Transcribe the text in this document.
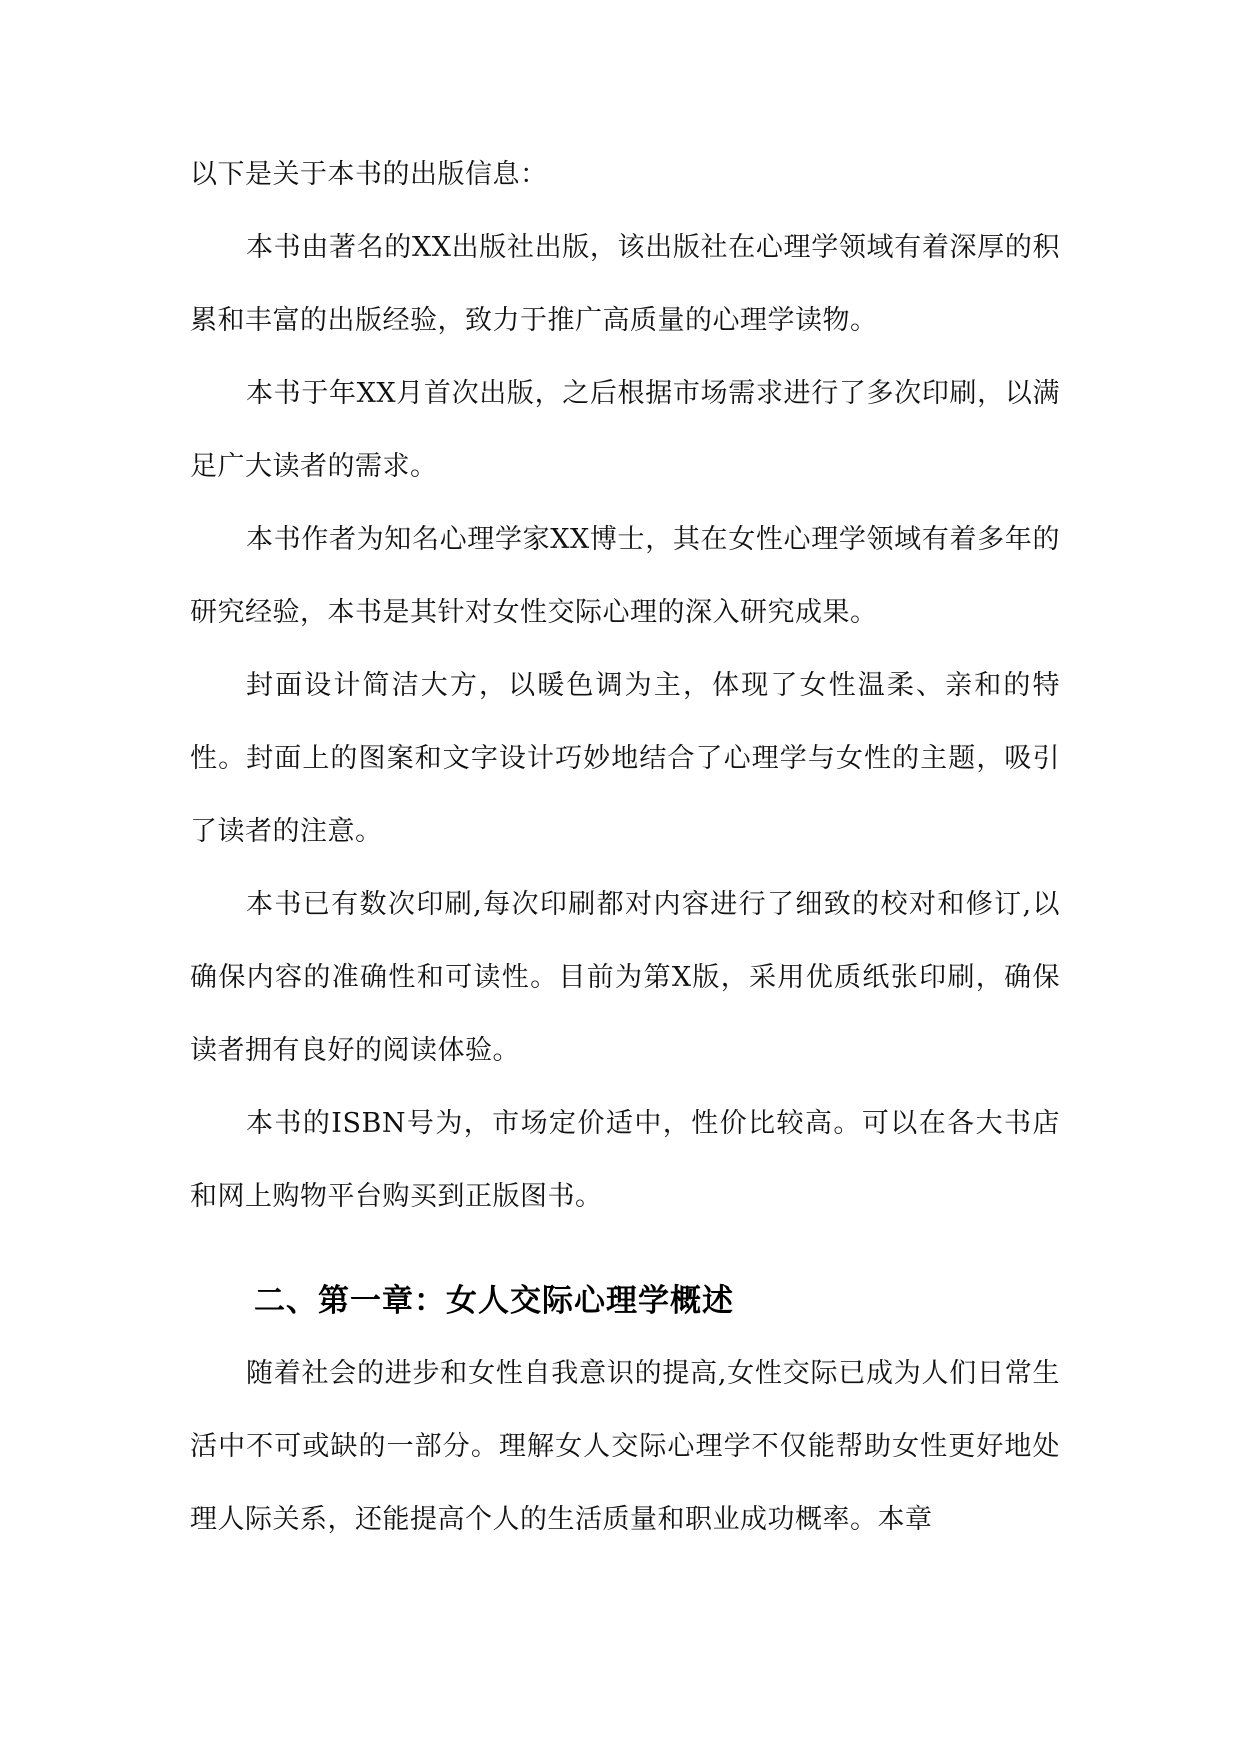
以下是关于本书的出版信息：

本书由著名的XX出版社出版，该出版社在心理学领域有着深厚的积累和丰富的出版经验，致力于推广高质量的心理学读物。

本书于年XX月首次出版，之后根据市场需求进行了多次印刷，以满足广大读者的需求。

本书作者为知名心理学家XX博士，其在女性心理学领域有着多年的研究经验，本书是其针对女性交际心理的深入研究成果。

封面设计简洁大方，以暖色调为主，体现了女性温柔、亲和的特性。封面上的图案和文字设计巧妙地结合了心理学与女性的主题，吸引了读者的注意。

本书已有数次印刷,每次印刷都对内容进行了细致的校对和修订,以确保内容的准确性和可读性。目前为第X版，采用优质纸张印刷，确保读者拥有良好的阅读体验。

本书的ISBN号为，市场定价适中，性价比较高。可以在各大书店和网上购物平台购买到正版图书。

二、第一章：女人交际心理学概述

随着社会的进步和女性自我意识的提高,女性交际已成为人们日常生活中不可或缺的一部分。理解女人交际心理学不仅能帮助女性更好地处理人际关系，还能提高个人的生活质量和职业成功概率。本章
